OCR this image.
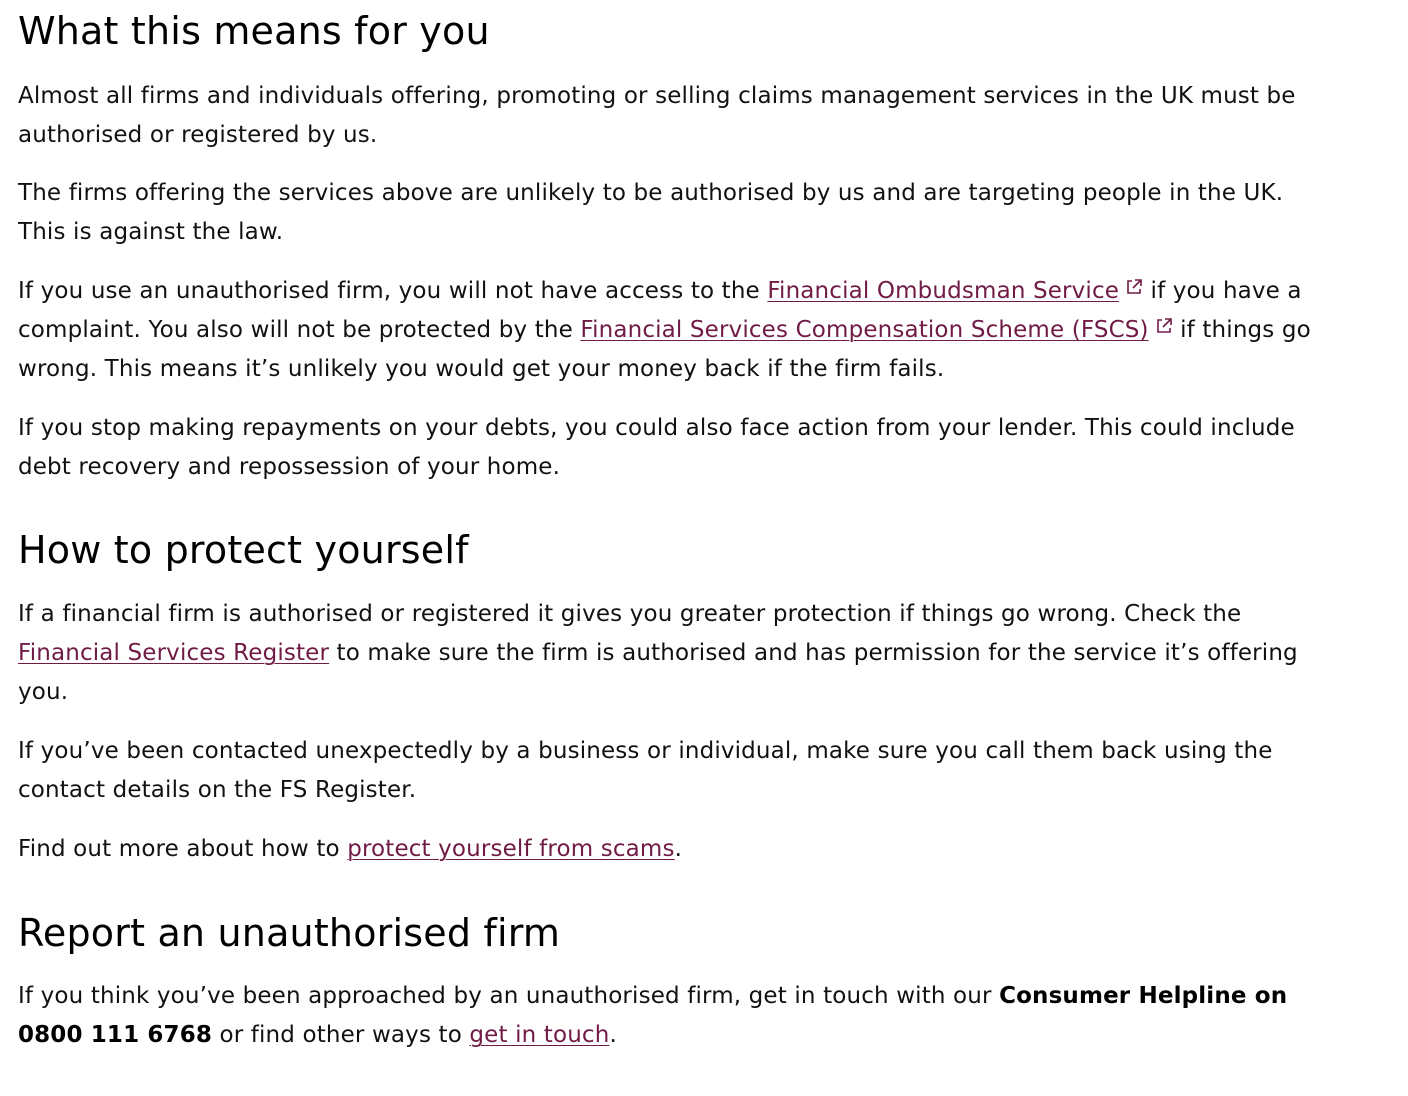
What this means for you

Almost all firms and individuals offering, promoting or selling claims management services in the UK must be authorised or registered by us.

The firms offering the services above are unlikely to be authorised by us and are targeting people in the UK. This is against the law.

If you use an unauthorised firm, you will not have access to the Financial Ombudsman Service
if you have a complaint. You also will not be protected by the Financial Services Compensation Scheme (FSCS)
if things go wrong. This means it’s unlikely you would get your money back if the firm fails.

If you stop making repayments on your debts, you could also face action from your lender. This could include debt recovery and repossession of your home.

How to protect yourself

If a financial firm is authorised or registered it gives you greater protection if things go wrong. Check the Financial Services Register to make sure the firm is authorised and has permission for the service it’s offering you.

If you’ve been contacted unexpectedly by a business or individual, make sure you call them back using the contact details on the FS Register.

Find out more about how to protect yourself from scams.

Report an unauthorised firm

If you think you’ve been approached by an unauthorised firm, get in touch with our Consumer Helpline on 0800 111 6768 or find other ways to get in touch.
